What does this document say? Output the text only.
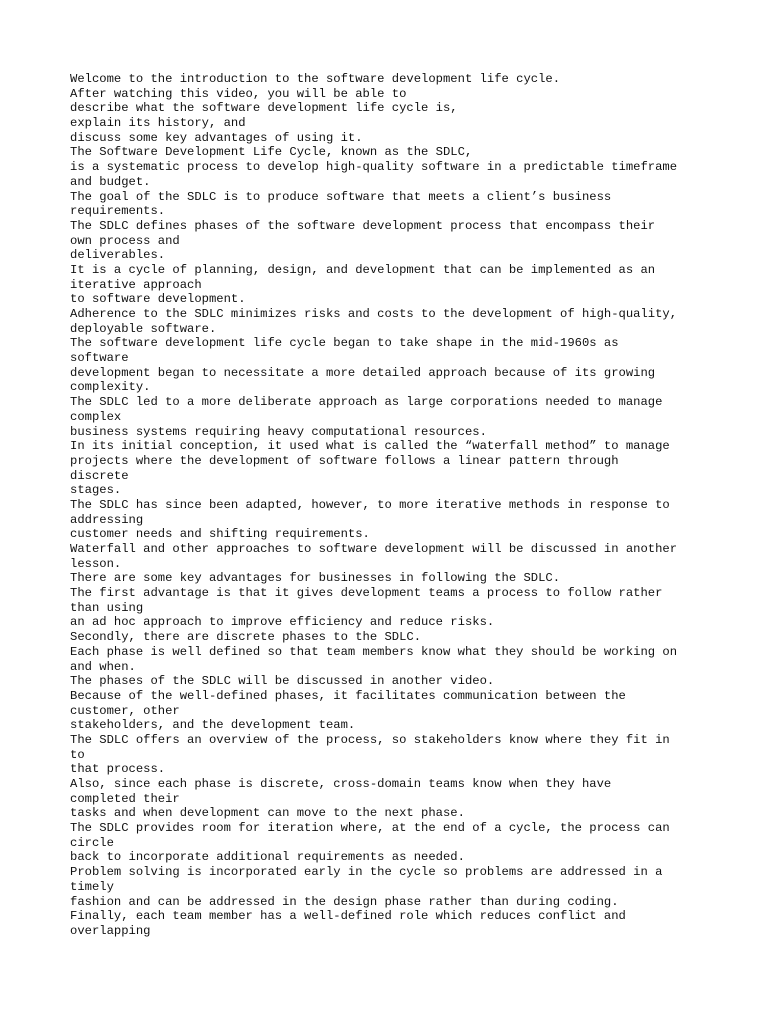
Welcome to the introduction to the software development life cycle.
After watching this video, you will be able to
describe what the software development life cycle is,
explain its history, and
discuss some key advantages of using it.
The Software Development Life Cycle, known as the SDLC,
is a systematic process to develop high-quality software in a predictable timeframe
and budget.
The goal of the SDLC is to produce software that meets a client’s business
requirements.
The SDLC defines phases of the software development process that encompass their
own process and
deliverables.
It is a cycle of planning, design, and development that can be implemented as an
iterative approach
to software development.
Adherence to the SDLC minimizes risks and costs to the development of high-quality,
deployable software.
The software development life cycle began to take shape in the mid-1960s as
software
development began to necessitate a more detailed approach because of its growing
complexity.
The SDLC led to a more deliberate approach as large corporations needed to manage
complex
business systems requiring heavy computational resources.
In its initial conception, it used what is called the “waterfall method” to manage
projects where the development of software follows a linear pattern through
discrete
stages.
The SDLC has since been adapted, however, to more iterative methods in response to
addressing
customer needs and shifting requirements.
Waterfall and other approaches to software development will be discussed in another
lesson.
There are some key advantages for businesses in following the SDLC.
The first advantage is that it gives development teams a process to follow rather
than using
an ad hoc approach to improve efficiency and reduce risks.
Secondly, there are discrete phases to the SDLC.
Each phase is well defined so that team members know what they should be working on
and when.
The phases of the SDLC will be discussed in another video.
Because of the well-defined phases, it facilitates communication between the
customer, other
stakeholders, and the development team.
The SDLC offers an overview of the process, so stakeholders know where they fit in
to
that process.
Also, since each phase is discrete, cross-domain teams know when they have
completed their
tasks and when development can move to the next phase.
The SDLC provides room for iteration where, at the end of a cycle, the process can
circle
back to incorporate additional requirements as needed.
Problem solving is incorporated early in the cycle so problems are addressed in a
timely
fashion and can be addressed in the design phase rather than during coding.
Finally, each team member has a well-defined role which reduces conflict and
overlapping
